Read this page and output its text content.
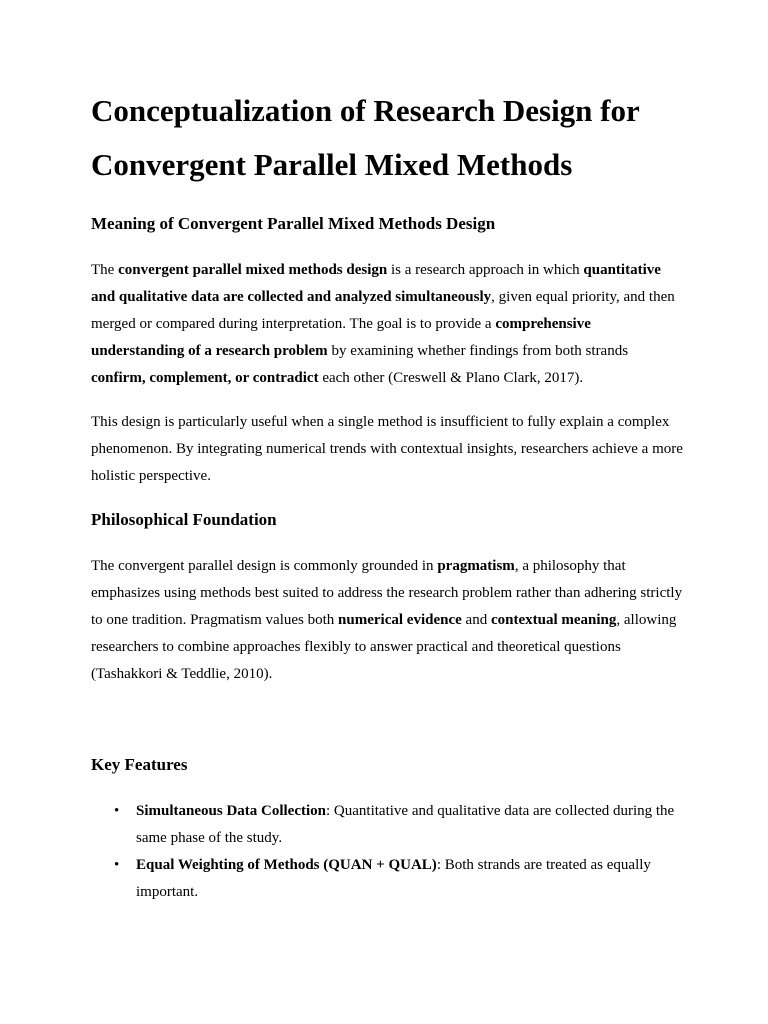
Conceptualization of Research Design for Convergent Parallel Mixed Methods
Meaning of Convergent Parallel Mixed Methods Design

The convergent parallel mixed methods design is a research approach in which quantitative and qualitative data are collected and analyzed simultaneously, given equal priority, and then merged or compared during interpretation. The goal is to provide a comprehensive understanding of a research problem by examining whether findings from both strands confirm, complement, or contradict each other (Creswell & Plano Clark, 2017).

This design is particularly useful when a single method is insufficient to fully explain a complex phenomenon. By integrating numerical trends with contextual insights, researchers achieve a more holistic perspective.

Philosophical Foundation

The convergent parallel design is commonly grounded in pragmatism, a philosophy that emphasizes using methods best suited to address the research problem rather than adhering strictly to one tradition. Pragmatism values both numerical evidence and contextual meaning, allowing researchers to combine approaches flexibly to answer practical and theoretical questions (Tashakkori & Teddlie, 2010).

Key Features
• Simultaneous Data Collection: Quantitative and qualitative data are collected during the same phase of the study.
• Equal Weighting of Methods (QUAN + QUAL): Both strands are treated as equally important.
